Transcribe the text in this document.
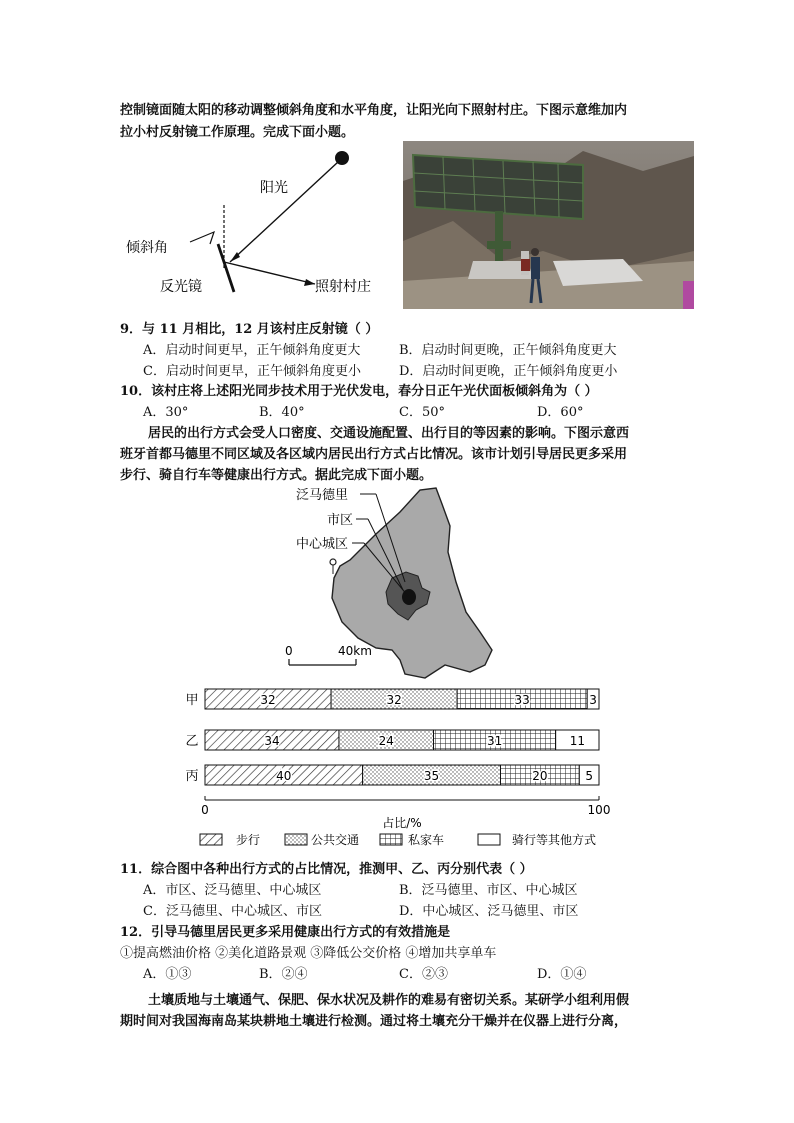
控制镜面随太阳的移动调整倾斜角度和水平角度，让阳光向下照射村庄。下图示意维加内
拉小村反射镜工作原理。完成下面小题。
阳光
倾斜角
反光镜	照射村庄
9．与 11 月相比，12 月该村庄反射镜（ ）
A．启动时间更早，正午倾斜角度更大	B．启动时间更晚，正午倾斜角度更大
C．启动时间更早，正午倾斜角度更小	D．启动时间更晚，正午倾斜角度更小
10．该村庄将上述阳光同步技术用于光伏发电，春分日正午光伏面板倾斜角为（ ）
A．30°	B．40°	C．50°	D．60°
居民的出行方式会受人口密度、交通设施配置、出行目的等因素的影响。下图示意西
班牙首都马德里不同区域及各区域内居民出行方式占比情况。该市计划引导居民更多采用
步行、骑自行车等健康出行方式。据此完成下面小题。
泛马德里
市区
中心城区
0	40km
甲	32	32	33	3
乙	34	24	31	11
丙	40	35	20	5
0	100
占比/%
步行	公共交通	私家车	骑行等其他方式
11．综合图中各种出行方式的占比情况，推测甲、乙、丙分别代表（ ）
A．市区、泛马德里、中心城区	B．泛马德里、市区、中心城区
C．泛马德里、中心城区、市区	D．中心城区、泛马德里、市区
12．引导马德里居民更多采用健康出行方式的有效措施是
①提高燃油价格 ②美化道路景观 ③降低公交价格 ④增加共享单车
A．①③	B．②④	C．②③	D．①④
土壤质地与土壤通气、保肥、保水状况及耕作的难易有密切关系。某研学小组利用假
期时间对我国海南岛某块耕地土壤进行检测。通过将土壤充分干燥并在仪器上进行分离，
